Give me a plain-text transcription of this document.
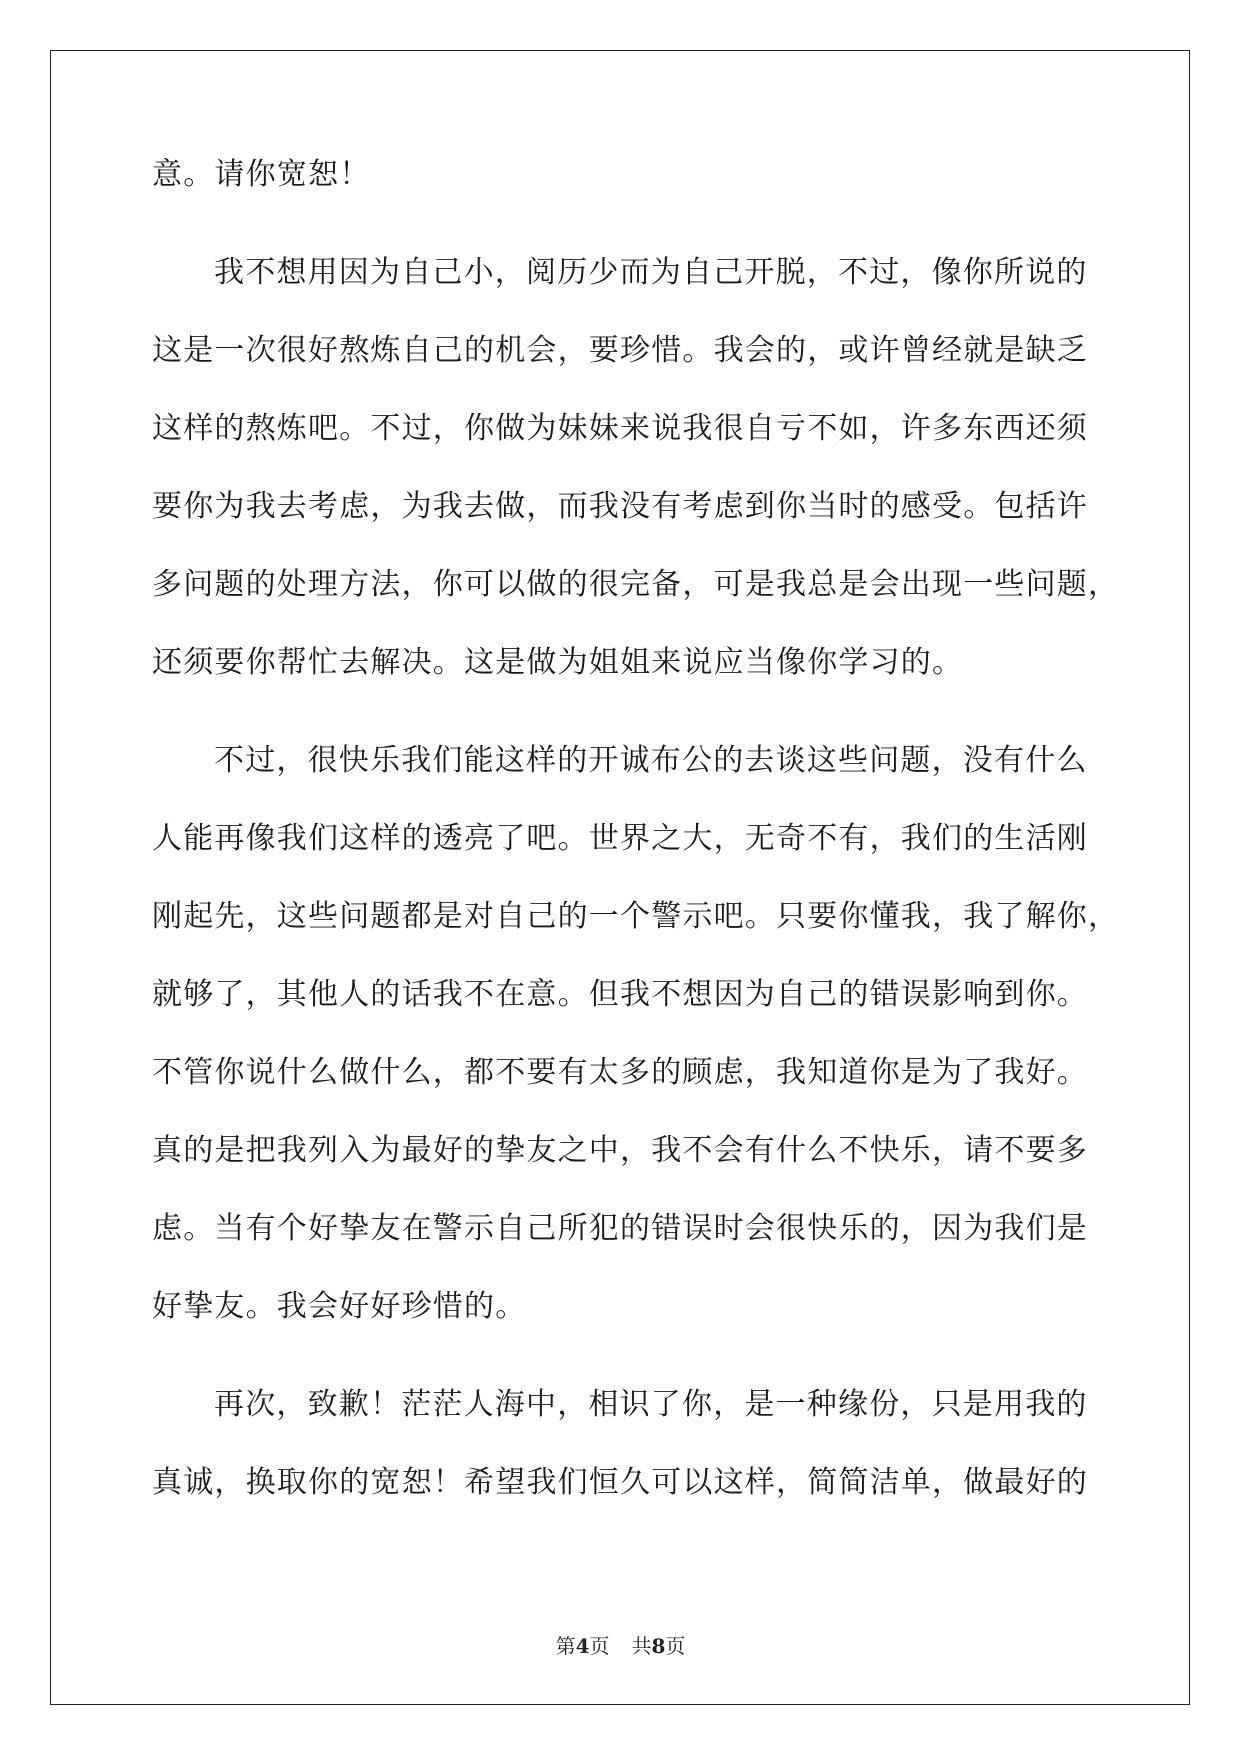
意。请你宽恕！
我不想用因为自己小，阅历少而为自己开脱，不过，像你所说的
这是一次很好熬炼自己的机会，要珍惜。我会的，或许曾经就是缺乏
这样的熬炼吧。不过，你做为妹妹来说我很自亏不如，许多东西还须
要你为我去考虑，为我去做，而我没有考虑到你当时的感受。包括许
多问题的处理方法，你可以做的很完备，可是我总是会出现一些问题，
还须要你帮忙去解决。这是做为姐姐来说应当像你学习的。
不过，很快乐我们能这样的开诚布公的去谈这些问题，没有什么
人能再像我们这样的透亮了吧。世界之大，无奇不有，我们的生活刚
刚起先，这些问题都是对自己的一个警示吧。只要你懂我，我了解你，
就够了，其他人的话我不在意。但我不想因为自己的错误影响到你。
不管你说什么做什么，都不要有太多的顾虑，我知道你是为了我好。
真的是把我列入为最好的挚友之中，我不会有什么不快乐，请不要多
虑。当有个好挚友在警示自己所犯的错误时会很快乐的，因为我们是
好挚友。我会好好珍惜的。
再次，致歉！茫茫人海中，相识了你，是一种缘份，只是用我的
真诚，换取你的宽恕！希望我们恒久可以这样，简简洁单，做最好的
第4页 共8页
